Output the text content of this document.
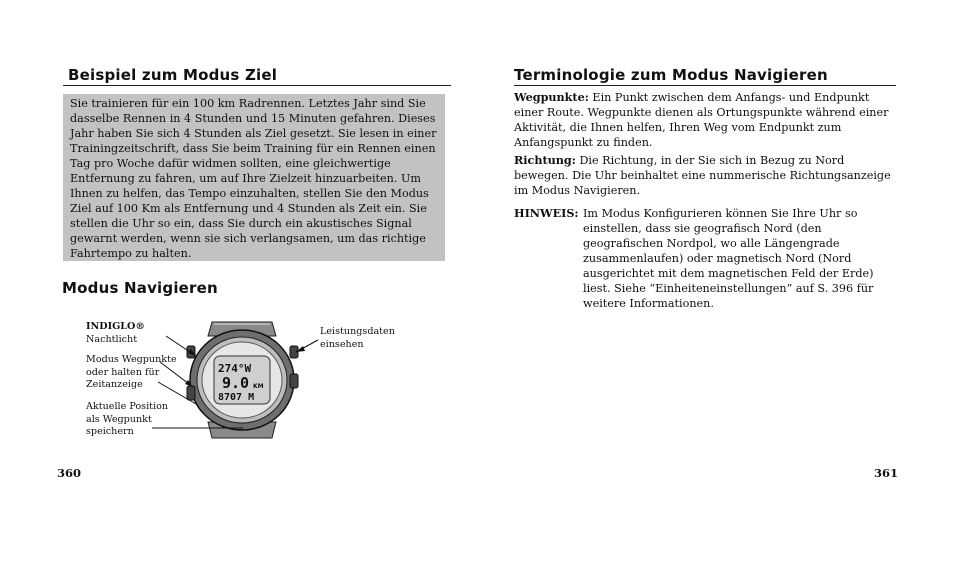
Beispiel zum Modus Ziel
Sie trainieren für ein 100 km Radrennen. Letztes Jahr sind Sie
dasselbe Rennen in 4 Stunden und 15 Minuten gefahren. Dieses
Jahr haben Sie sich 4 Stunden als Ziel gesetzt. Sie lesen in einer
Trainingzeitschrift, dass Sie beim Training für ein Rennen einen
Tag pro Woche dafür widmen sollten, eine gleichwertige
Entfernung zu fahren, um auf Ihre Zielzeit hinzuarbeiten. Um
Ihnen zu helfen, das Tempo einzuhalten, stellen Sie den Modus
Ziel auf 100 Km als Entfernung und 4 Stunden als Zeit ein. Sie
stellen die Uhr so ein, dass Sie durch ein akustisches Signal
gewarnt werden, wenn sie sich verlangsamen, um das richtige
Fahrtempo zu halten.
Modus Navigieren
INDIGLO®
Nachtlicht
Modus Wegpunkte
oder halten für
Zeitanzeige
Aktuelle Position
als Wegpunkt
speichern
Leistungsdaten
einsehen
274°W
9.0 KM
8707 M
360
Terminologie zum Modus Navigieren
Wegpunkte: Ein Punkt zwischen dem Anfangs- und Endpunkt
einer Route. Wegpunkte dienen als Ortungspunkte während einer
Aktivität, die Ihnen helfen, Ihren Weg vom Endpunkt zum
Anfangspunkt zu finden.
Richtung: Die Richtung, in der Sie sich in Bezug zu Nord
bewegen. Die Uhr beinhaltet eine nummerische Richtungsanzeige
im Modus Navigieren.
HINWEIS: Im Modus Konfigurieren können Sie Ihre Uhr so
einstellen, dass sie geografisch Nord (den
geografischen Nordpol, wo alle Längengrade
zusammenlaufen) oder magnetisch Nord (Nord
ausgerichtet mit dem magnetischen Feld der Erde)
liest. Siehe “Einheiteneinstellungen” auf S. 396 für
weitere Informationen.
361
